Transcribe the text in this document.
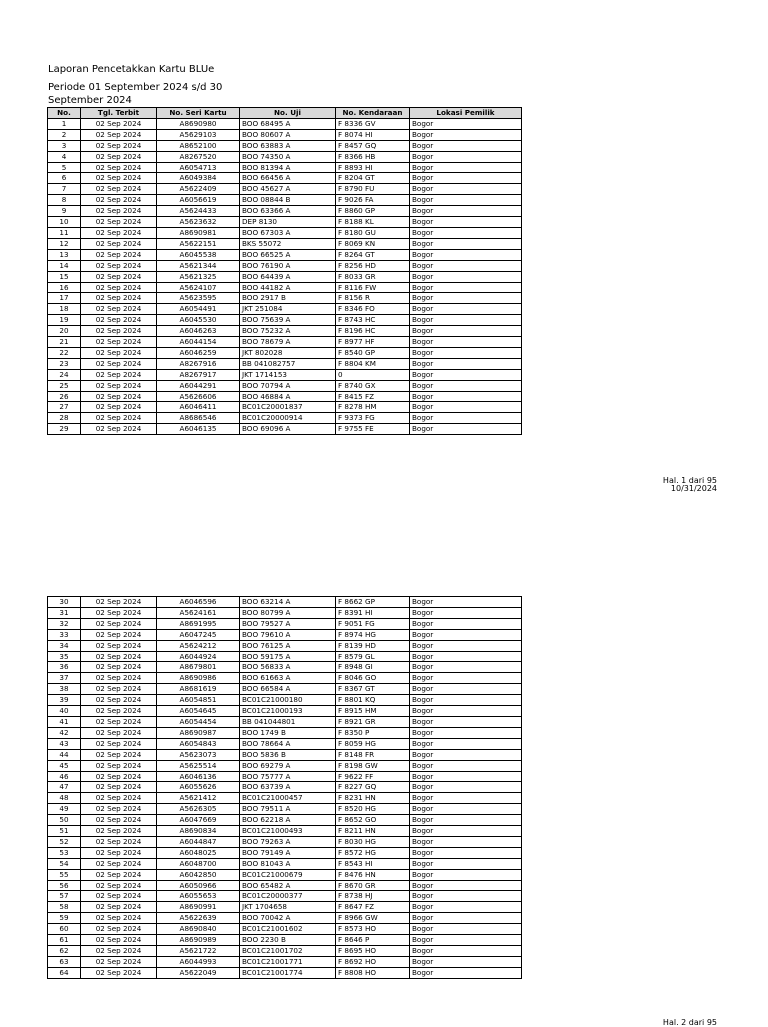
Laporan Pencetakkan Kartu BLUe
Periode 01 September 2024 s/d 30
September 2024
No.	Tgl. Terbit	No. Seri Kartu	No. Uji	No. Kendaraan	Lokasi Pemilik
1	02 Sep 2024	A8690980	BOO 68495 A	F 8336 GV	Bogor
2	02 Sep 2024	A5629103	BOO 80607 A	F 8074 HI	Bogor
3	02 Sep 2024	A8652100	BOO 63883 A	F 8457 GQ	Bogor
4	02 Sep 2024	A8267520	BOO 74350 A	F 8366 HB	Bogor
5	02 Sep 2024	A6054713	BOO 81394 A	F 8893 HI	Bogor
6	02 Sep 2024	A6049384	BOO 66456 A	F 8204 GT	Bogor
7	02 Sep 2024	A5622409	BOO 45627 A	F 8790 FU	Bogor
8	02 Sep 2024	A6056619	BOO 08844 B	F 9026 FA	Bogor
9	02 Sep 2024	A5624433	BOO 63366 A	F 8860 GP	Bogor
10	02 Sep 2024	A5623632	DEP 8130	F 8188 KL	Bogor
11	02 Sep 2024	A8690981	BOO 67303 A	F 8180 GU	Bogor
12	02 Sep 2024	A5622151	BKS 55072	F 8069 KN	Bogor
13	02 Sep 2024	A6045538	BOO 66525 A	F 8264 GT	Bogor
14	02 Sep 2024	A5621344	BOO 76190 A	F 8256 HD	Bogor
15	02 Sep 2024	A5621325	BOO 64439 A	F 8033 GR	Bogor
16	02 Sep 2024	A5624107	BOO 44182 A	F 8116 FW	Bogor
17	02 Sep 2024	A5623595	BOO 2917 B	F 8156 R	Bogor
18	02 Sep 2024	A6054491	JKT 251084	F 8346 FO	Bogor
19	02 Sep 2024	A6045530	BOO 75639 A	F 8743 HC	Bogor
20	02 Sep 2024	A6046263	BOO 75232 A	F 8196 HC	Bogor
21	02 Sep 2024	A6044154	BOO 78679 A	F 8977 HF	Bogor
22	02 Sep 2024	A6046259	JKT 802028	F 8540 GP	Bogor
23	02 Sep 2024	A8267916	BB 041082757	F 8804 KM	Bogor
24	02 Sep 2024	A8267917	JKT 1714153	0	Bogor
25	02 Sep 2024	A6044291	BOO 70794 A	F 8740 GX	Bogor
26	02 Sep 2024	A5626606	BOO 46884 A	F 8415 FZ	Bogor
27	02 Sep 2024	A6046411	BC01C20001837	F 8278 HM	Bogor
28	02 Sep 2024	A8686546	BC01C20000914	F 9373 FG	Bogor
29	02 Sep 2024	A6046135	BOO 69096 A	F 9755 FE	Bogor
Hal. 1 dari 95
10/31/2024
30	02 Sep 2024	A6046596	BOO 63214 A	F 8662 GP	Bogor
31	02 Sep 2024	A5624161	BOO 80799 A	F 8391 HI	Bogor
32	02 Sep 2024	A8691995	BOO 79527 A	F 9051 FG	Bogor
33	02 Sep 2024	A6047245	BOO 79610 A	F 8974 HG	Bogor
34	02 Sep 2024	A5624212	BOO 76125 A	F 8139 HD	Bogor
35	02 Sep 2024	A6044924	BOO 59175 A	F 8579 GL	Bogor
36	02 Sep 2024	A8679801	BOO 56833 A	F 8948 GI	Bogor
37	02 Sep 2024	A8690986	BOO 61663 A	F 8046 GO	Bogor
38	02 Sep 2024	A8681619	BOO 66584 A	F 8367 GT	Bogor
39	02 Sep 2024	A6054851	BC01C21000180	F 8801 KQ	Bogor
40	02 Sep 2024	A6054645	BC01C21000193	F 8915 HM	Bogor
41	02 Sep 2024	A6054454	BB 041044801	F 8921 GR	Bogor
42	02 Sep 2024	A8690987	BOO 1749 B	F 8350 P	Bogor
43	02 Sep 2024	A6054843	BOO 78664 A	F 8059 HG	Bogor
44	02 Sep 2024	A5623073	BOO 5836 B	F 8148 FR	Bogor
45	02 Sep 2024	A5625514	BOO 69279 A	F 8198 GW	Bogor
46	02 Sep 2024	A6046136	BOO 75777 A	F 9622 FF	Bogor
47	02 Sep 2024	A6055626	BOO 63739 A	F 8227 GQ	Bogor
48	02 Sep 2024	A5621412	BC01C21000457	F 8231 HN	Bogor
49	02 Sep 2024	A5626305	BOO 79511 A	F 8520 HG	Bogor
50	02 Sep 2024	A6047669	BOO 62218 A	F 8652 GO	Bogor
51	02 Sep 2024	A8690834	BC01C21000493	F 8211 HN	Bogor
52	02 Sep 2024	A6044847	BOO 79263 A	F 8030 HG	Bogor
53	02 Sep 2024	A6048025	BOO 79149 A	F 8572 HG	Bogor
54	02 Sep 2024	A6048700	BOO 81043 A	F 8543 HI	Bogor
55	02 Sep 2024	A6042850	BC01C21000679	F 8476 HN	Bogor
56	02 Sep 2024	A6050966	BOO 65482 A	F 8670 GR	Bogor
57	02 Sep 2024	A6055653	BC01C20000377	F 8738 HJ	Bogor
58	02 Sep 2024	A8690991	JKT 1704658	F 8647 FZ	Bogor
59	02 Sep 2024	A5622639	BOO 70042 A	F 8966 GW	Bogor
60	02 Sep 2024	A8690840	BC01C21001602	F 8573 HO	Bogor
61	02 Sep 2024	A8690989	BOO 2230 B	F 8646 P	Bogor
62	02 Sep 2024	A5621722	BC01C21001702	F 8695 HO	Bogor
63	02 Sep 2024	A6044993	BC01C21001771	F 8692 HO	Bogor
64	02 Sep 2024	A5622049	BC01C21001774	F 8808 HO	Bogor
Hal. 2 dari 95
